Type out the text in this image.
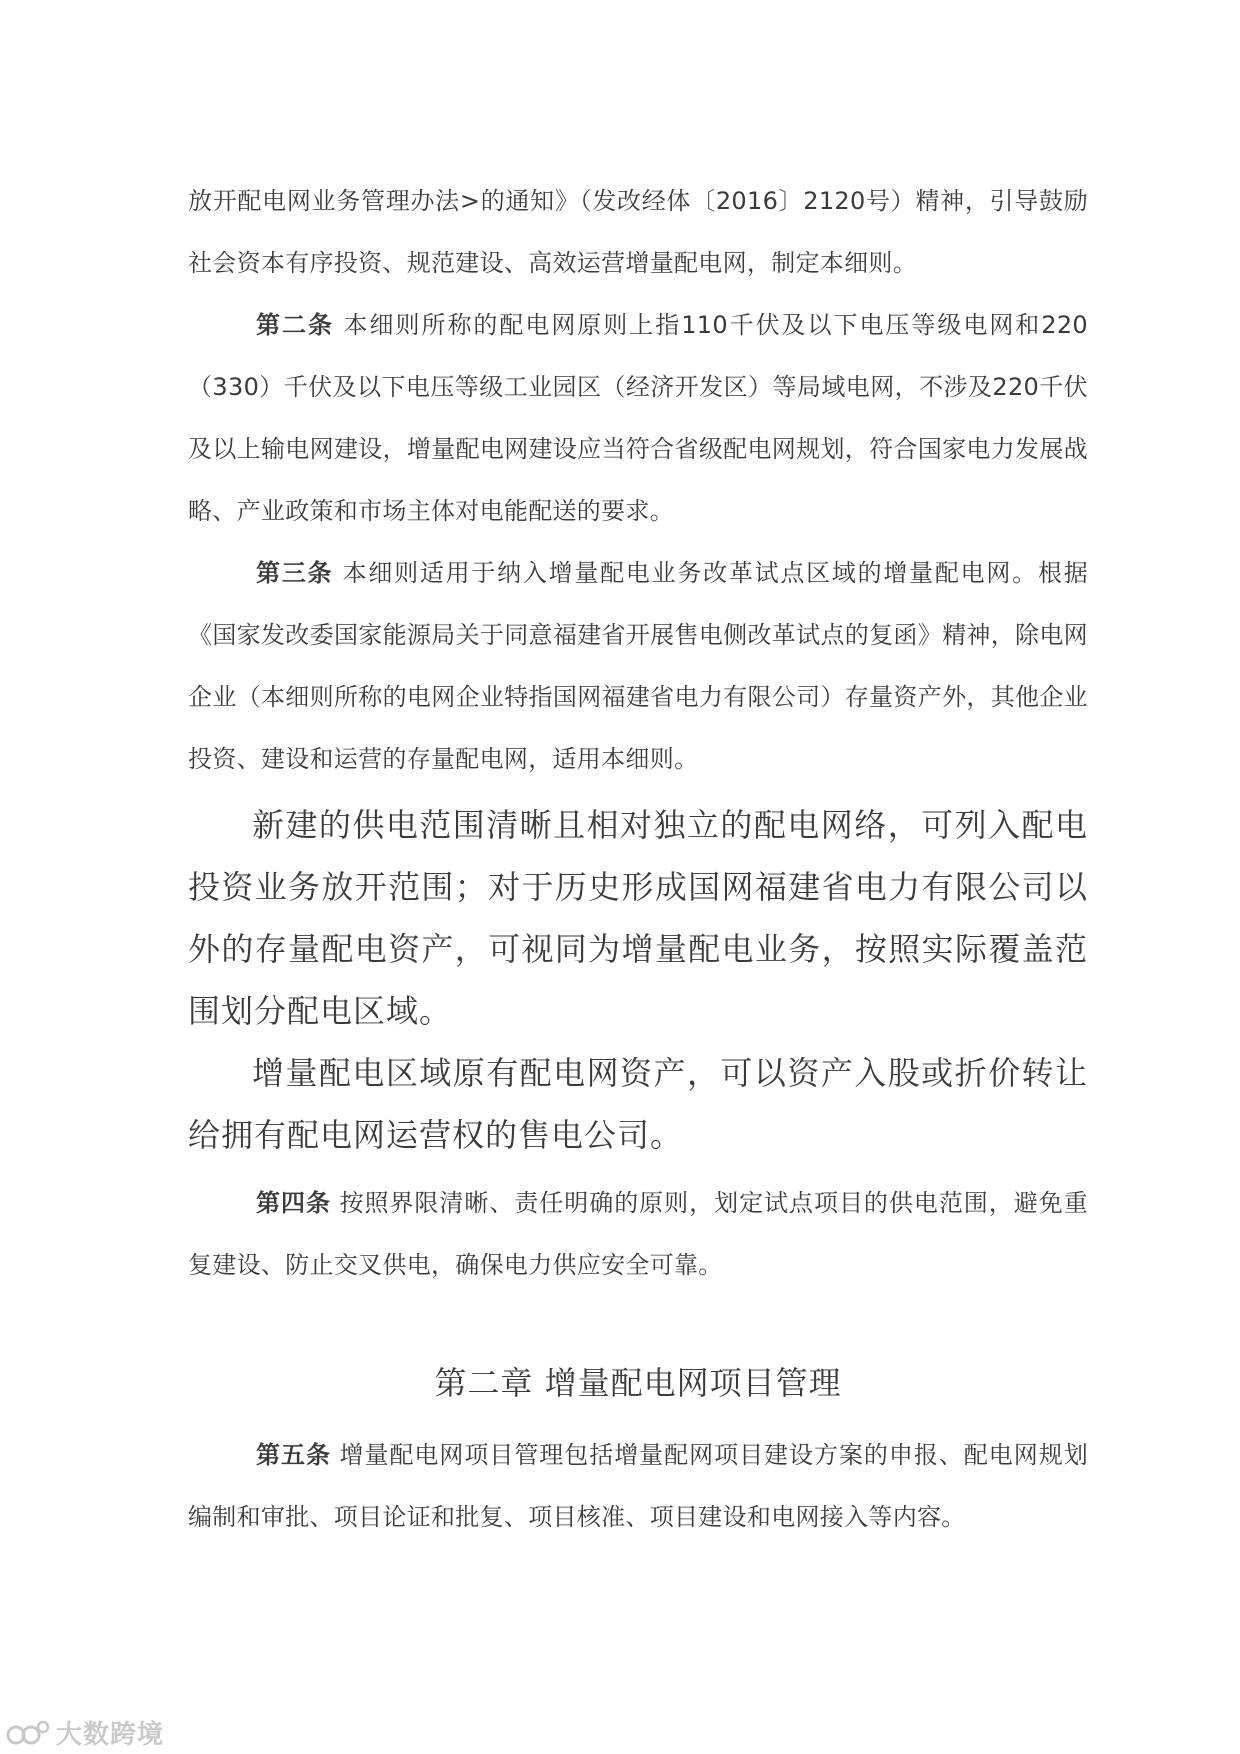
放开配电网业务管理办法>的通知》（发改经体〔2016〕2120号）精神，引导鼓励社会资本有序投资、规范建设、高效运营增量配电网，制定本细则。

第二条 本细则所称的配电网原则上指110千伏及以下电压等级电网和220（330）千伏及以下电压等级工业园区（经济开发区）等局域电网，不涉及220千伏及以上输电网建设，增量配电网建设应当符合省级配电网规划，符合国家电力发展战略、产业政策和市场主体对电能配送的要求。

第三条 本细则适用于纳入增量配电业务改革试点区域的增量配电网。根据《国家发改委国家能源局关于同意福建省开展售电侧改革试点的复函》精神，除电网企业（本细则所称的电网企业特指国网福建省电力有限公司）存量资产外，其他企业投资、建设和运营的存量配电网，适用本细则。

新建的供电范围清晰且相对独立的配电网络，可列入配电投资业务放开范围；对于历史形成国网福建省电力有限公司以外的存量配电资产，可视同为增量配电业务，按照实际覆盖范围划分配电区域。

增量配电区域原有配电网资产，可以资产入股或折价转让给拥有配电网运营权的售电公司。

第四条 按照界限清晰、责任明确的原则，划定试点项目的供电范围，避免重复建设、防止交叉供电，确保电力供应安全可靠。

第二章 增量配电网项目管理

第五条 增量配电网项目管理包括增量配网项目建设方案的申报、配电网规划编制和审批、项目论证和批复、项目核准、项目建设和电网接入等内容。

大数跨境
